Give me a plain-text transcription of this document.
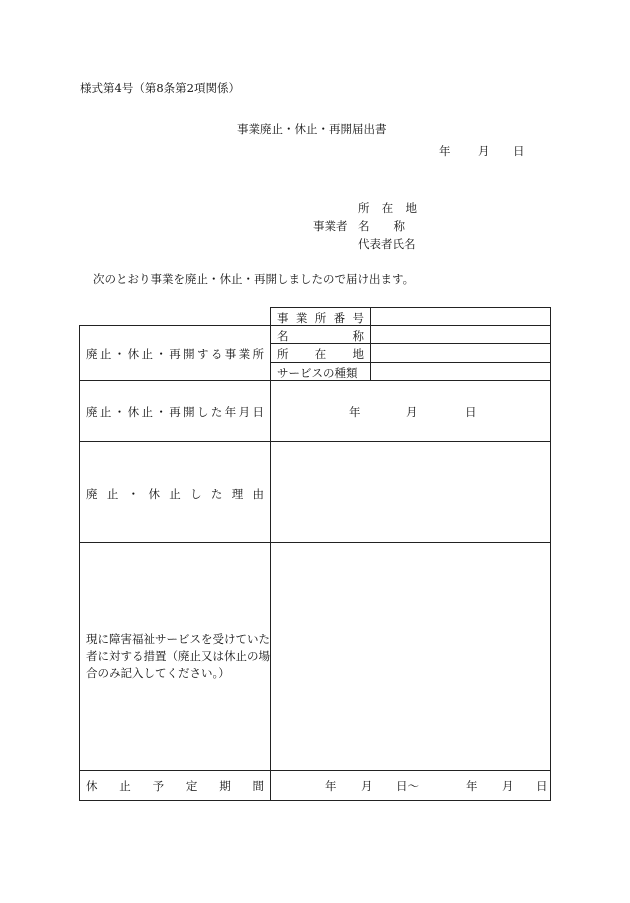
様式第4号（第8条第2項関係）
事業廃止・休止・再開届出書
年 月 日
所 在 地
事業者 名称
代表者氏名
次のとおり事業を廃止・休止・再開しましたので届け出ます。
事 業 所 番 号
廃 止 ・ 休 止 ・ 再 開 す る 事 業 所
名	称
所 在 地
サービスの種類
廃 止 ・ 休 止 ・ 再 開 し た 年 月 日	年	月	日
廃 止 ・ 休 止 し た 理 由
現に障害福祉サービスを受けていた者に対する措置（廃止又は休止の場合のみ記入してください。）
休 止 予 定 期 間	年 月 日～	年 月 日
